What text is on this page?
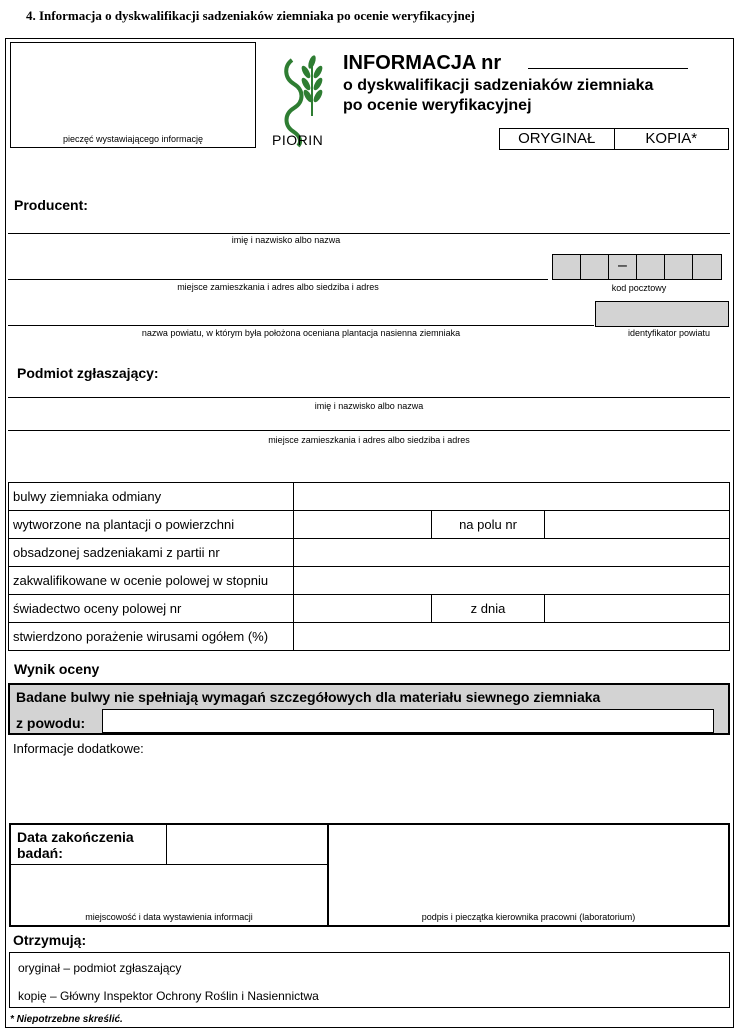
4. Informacja o dyskwalifikacji sadzeniaków ziemniaka po ocenie weryfikacyjnej
pieczęć wystawiającego informację	PIORIN
INFORMACJA nr
o dyskwalifikacji sadzeniaków ziemniaka
po ocenie weryfikacyjnej
ORYGINAŁ	KOPIA*
Producent:
imię i nazwisko albo nazwa
miejsce zamieszkania i adres albo siedziba i adres
–
kod pocztowy
nazwa powiatu, w którym była położona oceniana plantacja nasienna ziemniaka	identyfikator powiatu
Podmiot zgłaszający:
imię i nazwisko albo nazwa
miejsce zamieszkania i adres albo siedziba i adres
bulwy ziemniaka odmiany			
wytworzone na plantacji o powierzchni		na polu nr	
obsadzonej sadzeniakami z partii nr			
zakwalifikowane w ocenie polowej w stopniu			
świadectwo oceny polowej nr		z dnia	
stwierdzono porażenie wirusami ogółem (%)			
Wynik oceny
Badane bulwy nie spełniają wymagań szczegółowych dla materiału siewnego ziemniaka
z powodu:
Informacje dodatkowe:
Data zakończenia badań:
miejscowość i data wystawienia informacji	podpis i pieczątka kierownika pracowni (laboratorium)
Otrzymują:
oryginał – podmiot zgłaszający
kopię – Główny Inspektor Ochrony Roślin i Nasiennictwa
* Niepotrzebne skreślić.
